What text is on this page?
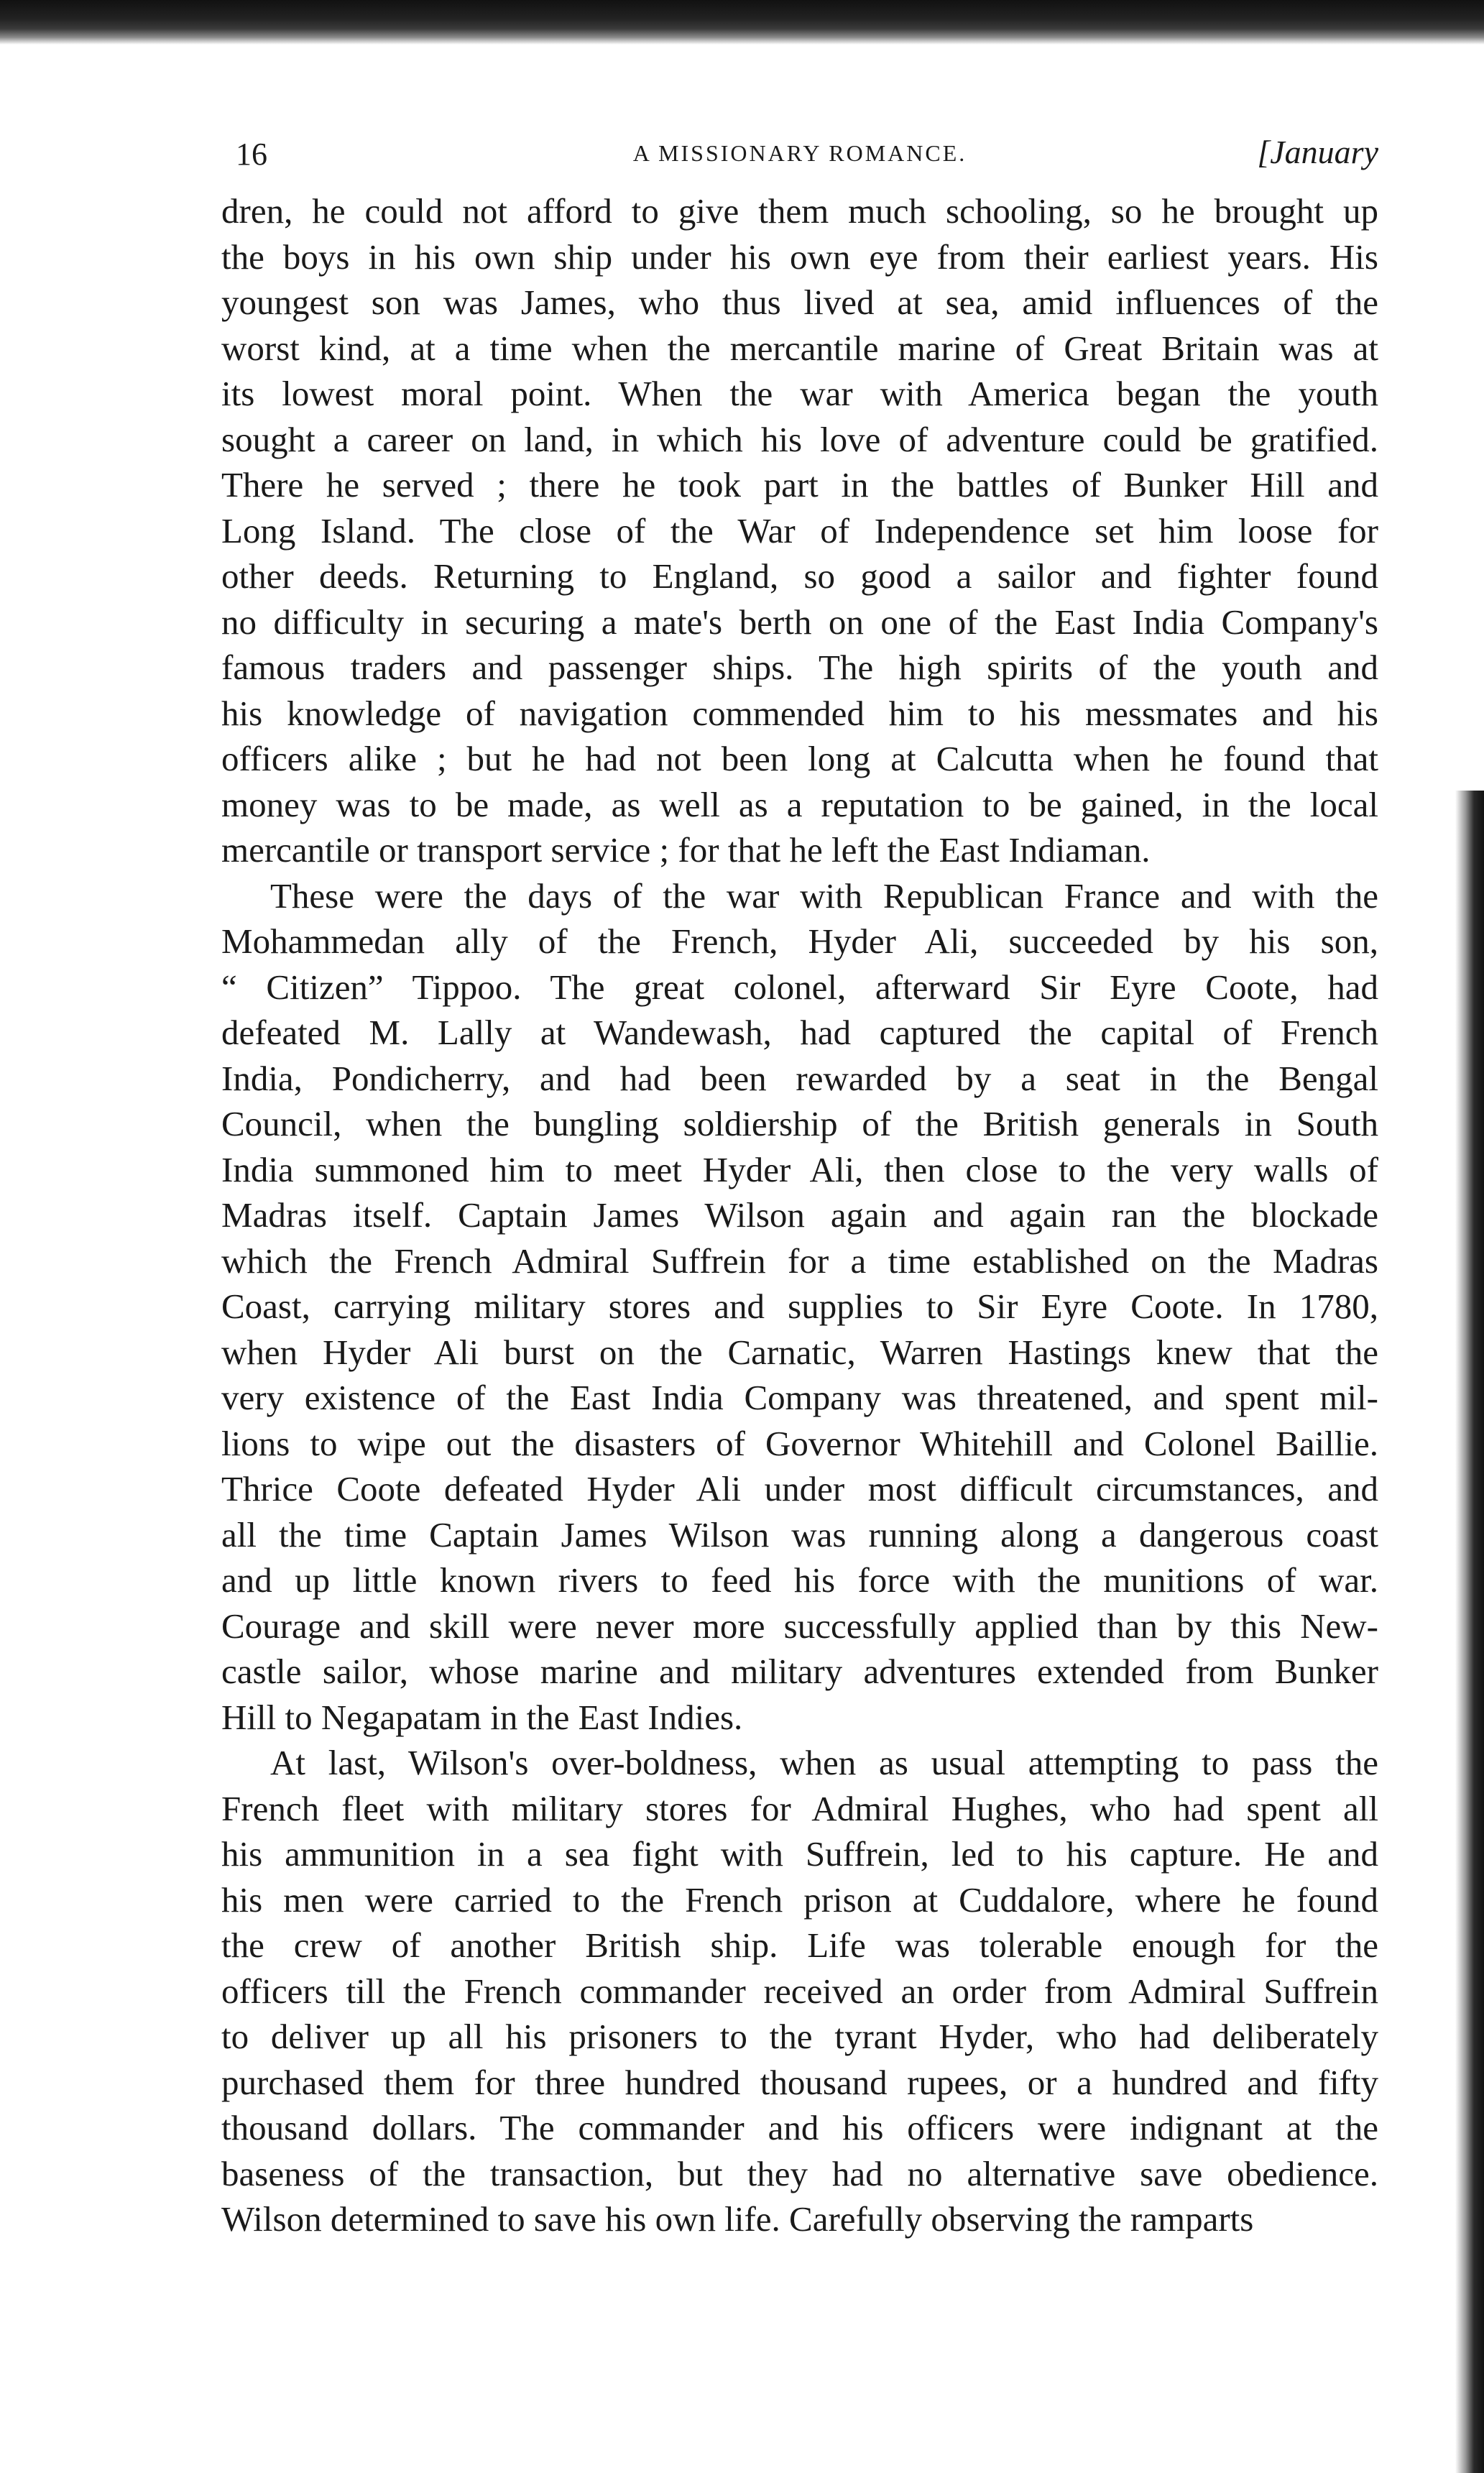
16	A MISSIONARY ROMANCE.	[January
dren, he could not afford to give them much schooling, so he brought up
the boys in his own ship under his own eye from their earliest years. His
youngest son was James, who thus lived at sea, amid influences of the
worst kind, at a time when the mercantile marine of Great Britain was at
its lowest moral point. When the war with America began the youth
sought a career on land, in which his love of adventure could be gratified.
There he served ; there he took part in the battles of Bunker Hill and
Long Island. The close of the War of Independence set him loose for
other deeds. Returning to England, so good a sailor and fighter found
no difficulty in securing a mate's berth on one of the East India Company's
famous traders and passenger ships. The high spirits of the youth and
his knowledge of navigation commended him to his messmates and his
officers alike ; but he had not been long at Calcutta when he found that
money was to be made, as well as a reputation to be gained, in the local
mercantile or transport service ; for that he left the East Indiaman.
These were the days of the war with Republican France and with the
Mohammedan ally of the French, Hyder Ali, succeeded by his son,
“ Citizen” Tippoo. The great colonel, afterward Sir Eyre Coote, had
defeated M. Lally at Wandewash, had captured the capital of French
India, Pondicherry, and had been rewarded by a seat in the Bengal
Council, when the bungling soldiership of the British generals in South
India summoned him to meet Hyder Ali, then close to the very walls of
Madras itself. Captain James Wilson again and again ran the blockade
which the French Admiral Suffrein for a time established on the Madras
Coast, carrying military stores and supplies to Sir Eyre Coote. In 1780,
when Hyder Ali burst on the Carnatic, Warren Hastings knew that the
very existence of the East India Company was threatened, and spent mil-
lions to wipe out the disasters of Governor Whitehill and Colonel Baillie.
Thrice Coote defeated Hyder Ali under most difficult circumstances, and
all the time Captain James Wilson was running along a dangerous coast
and up little known rivers to feed his force with the munitions of war.
Courage and skill were never more successfully applied than by this New-
castle sailor, whose marine and military adventures extended from Bunker
Hill to Negapatam in the East Indies.
At last, Wilson's over-boldness, when as usual attempting to pass the
French fleet with military stores for Admiral Hughes, who had spent all
his ammunition in a sea fight with Suffrein, led to his capture. He and
his men were carried to the French prison at Cuddalore, where he found
the crew of another British ship. Life was tolerable enough for the
officers till the French commander received an order from Admiral Suffrein
to deliver up all his prisoners to the tyrant Hyder, who had deliberately
purchased them for three hundred thousand rupees, or a hundred and fifty
thousand dollars. The commander and his officers were indignant at the
baseness of the transaction, but they had no alternative save obedience.
Wilson determined to save his own life. Carefully observing the ramparts
